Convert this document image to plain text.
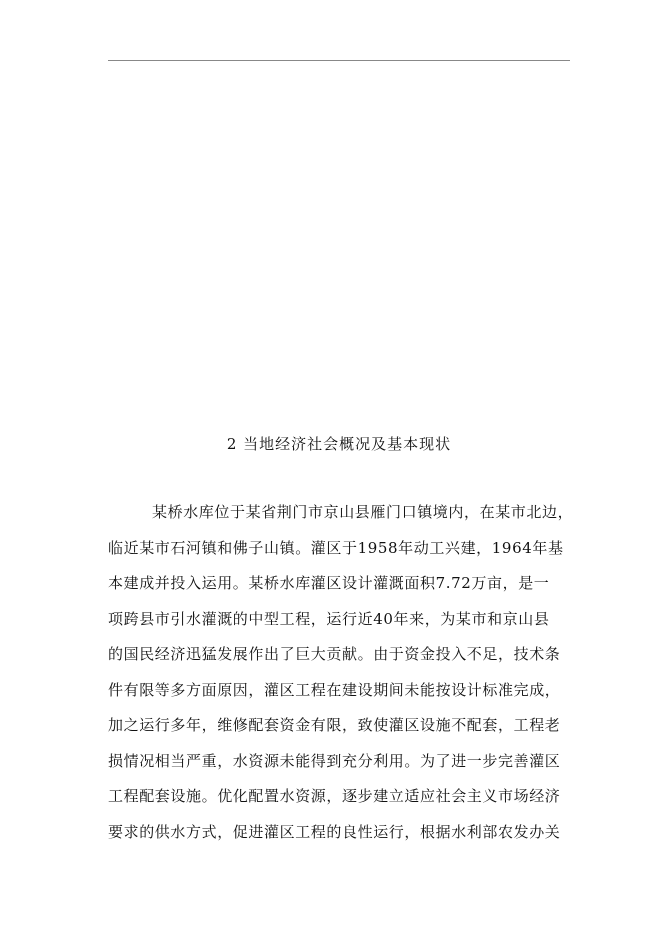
2 当地经济社会概况及基本现状
某桥水库位于某省荆门市京山县雁门口镇境内，在某市北边，
临近某市石河镇和佛子山镇。灌区于1958年动工兴建，1964年基
本建成并投入运用。某桥水库灌区设计灌溉面积7.72万亩，是一
项跨县市引水灌溉的中型工程，运行近40年来，为某市和京山县
的国民经济迅猛发展作出了巨大贡献。由于资金投入不足，技术条
件有限等多方面原因，灌区工程在建设期间未能按设计标准完成，
加之运行多年，维修配套资金有限，致使灌区设施不配套，工程老
损情况相当严重，水资源未能得到充分利用。为了进一步完善灌区
工程配套设施。优化配置水资源，逐步建立适应社会主义市场经济
要求的供水方式，促进灌区工程的良性运行，根据水利部农发办关
